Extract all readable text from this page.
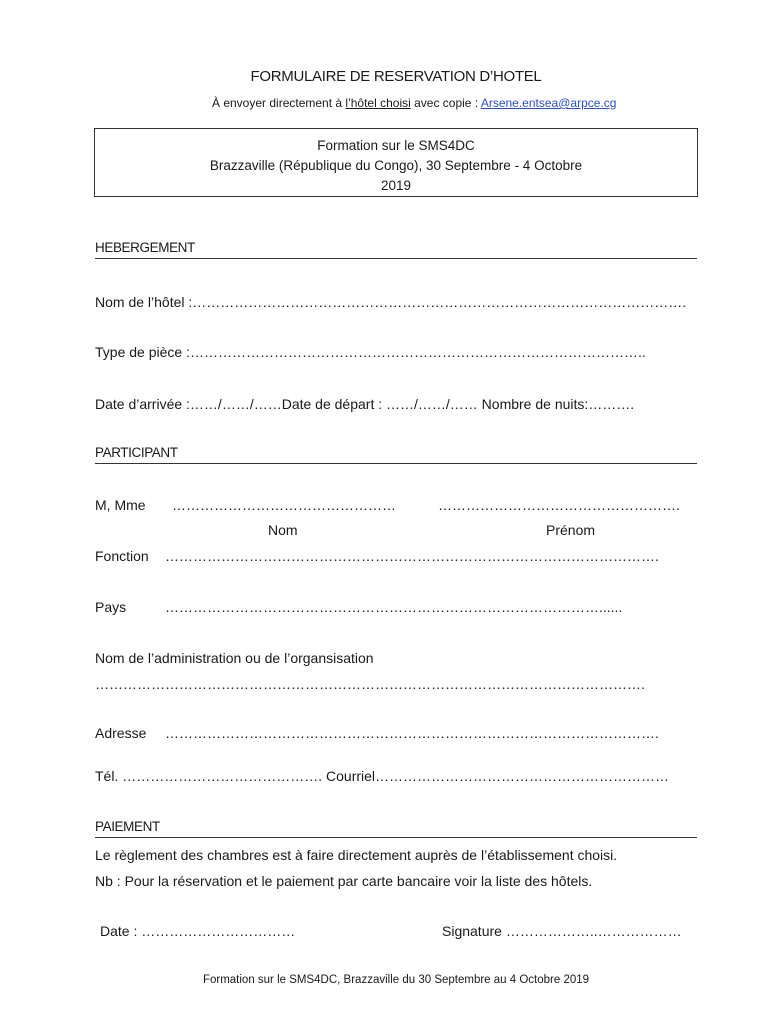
FORMULAIRE DE RESERVATION D’HOTEL
À envoyer directement à l’hôtel choisi avec copie : Arsene.entsea@arpce.cg
Formation sur le SMS4DC
Brazzaville (République du Congo), 30 Septembre - 4 Octobre
2019
HEBERGEMENT
Nom de l’hôtel :…………………………………………………………………………………………….
Type de pièce :……………………………………………………………………………………..
Date d’arrivée :……/……/……Date de départ : ……/……/…… Nombre de nuits:……….
PARTICIPANT
M, Mme …………………………………………	…………………………………………….
Nom	Prénom
Fonction …………………………………………………………………………………………….
Pays	…………………………………………………………………………………......
Nom de l’administration ou de l’organsisation
……………………………………………………………………………………………………….
Adresse …………………………………………………………………………………………….
Tél. ……………………………………. Courriel………………………………………………………
PAIEMENT
Le règlement des chambres est à faire directement auprès de l’établissement choisi.
Nb : Pour la réservation et le paiement par carte bancaire voir la liste des hôtels.
Date : ……………………………	Signature ………………..………………
Formation sur le SMS4DC, Brazzaville du 30 Septembre au 4 Octobre 2019
